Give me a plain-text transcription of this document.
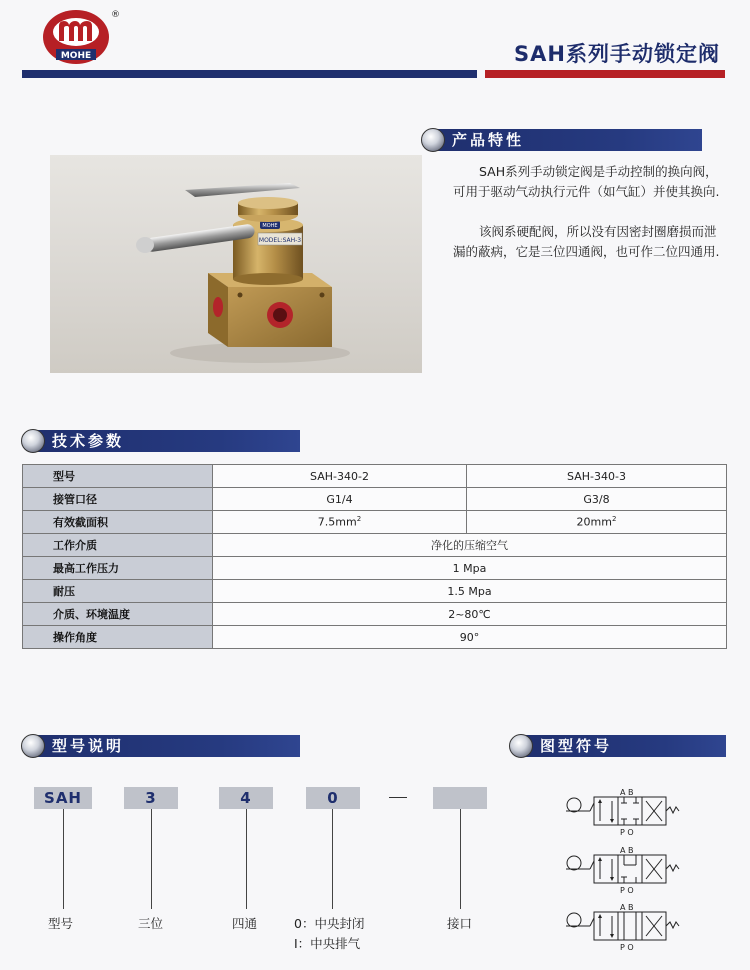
MOHE
®
SAH系列手动锁定阀
MODEL:SAH-3
MOHE
产品特性
SAH系列手动锁定阀是手动控制的换向阀，可用于驱动气动执行元件（如气缸）并使其换向.
该阀系硬配阀，所以没有因密封圈磨损而泄漏的蔽病，它是三位四通阀，也可作二位四通用.
技术参数
型号	SAH-340-2	SAH-340-3
接管口径	G1/4	G3/8
有效截面积	$7.5mm^2$	$20mm^2$
工作介质	净化的压缩空气	
最高工作压力	1 Mpa	
耐压	1.5 Mpa	
介质、环境温度	2~80℃	
操作角度	90°	
型号说明
SAH	3	4	0
型号	三位	四通	0：中央封闭
I：中央排气
接口
图型符号
A B
P O
A B
P O
A B
P O
